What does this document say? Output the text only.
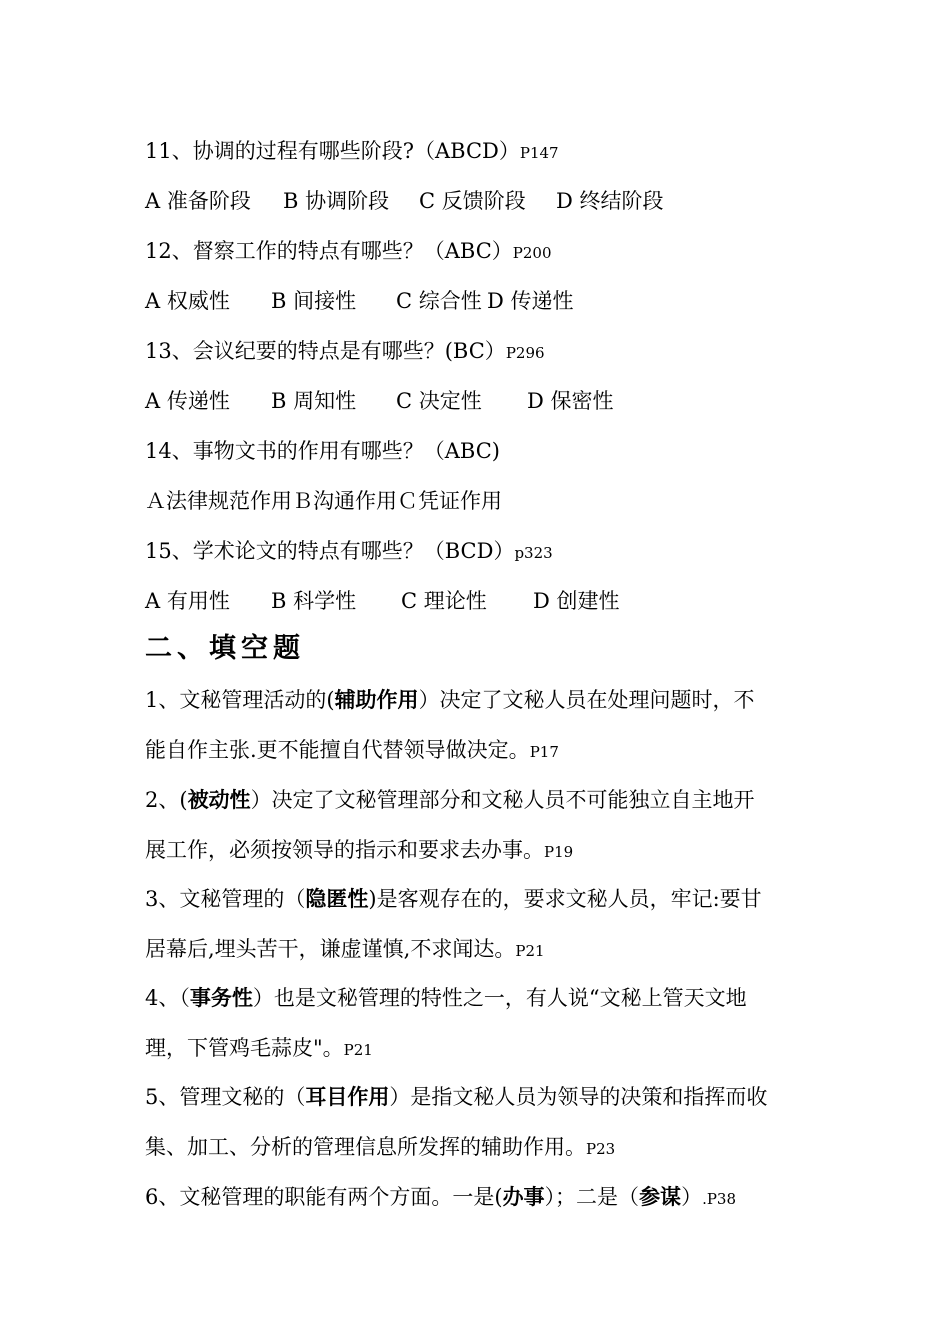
11、协调的过程有哪些阶段?（ABCD）P147
A 准备阶段 B 协调阶段 C 反馈阶段 D 终结阶段
12、督察工作的特点有哪些？（ABC）P200
A 权威性 B 间接性 C 综合性 D 传递性
13、会议纪要的特点是有哪些？(BC）P296
A 传递性 B 周知性 C 决定性 D 保密性
14、事物文书的作用有哪些？（ABC)
Ａ法律规范作用Ｂ沟通作用Ｃ凭证作用
15、学术论文的特点有哪些？（BCD）p323
A 有用性 B 科学性 C 理论性 D 创建性
二、填空题
1、文秘管理活动的(辅助作用）决定了文秘人员在处理问题时，不
能自作主张.更不能擅自代替领导做决定。P17
2、(被动性）决定了文秘管理部分和文秘人员不可能独立自主地开
展工作，必须按领导的指示和要求去办事。P19
3、文秘管理的（隐匿性)是客观存在的，要求文秘人员，牢记:要甘
居幕后,埋头苦干，谦虚谨慎,不求闻达。P21
4、（事务性）也是文秘管理的特性之一，有人说“文秘上管天文地
理，下管鸡毛蒜皮"。P21
5、管理文秘的（耳目作用）是指文秘人员为领导的决策和指挥而收
集、加工、分析的管理信息所发挥的辅助作用。P23
6、文秘管理的职能有两个方面。一是(办事）；二是（参谋）.P38
